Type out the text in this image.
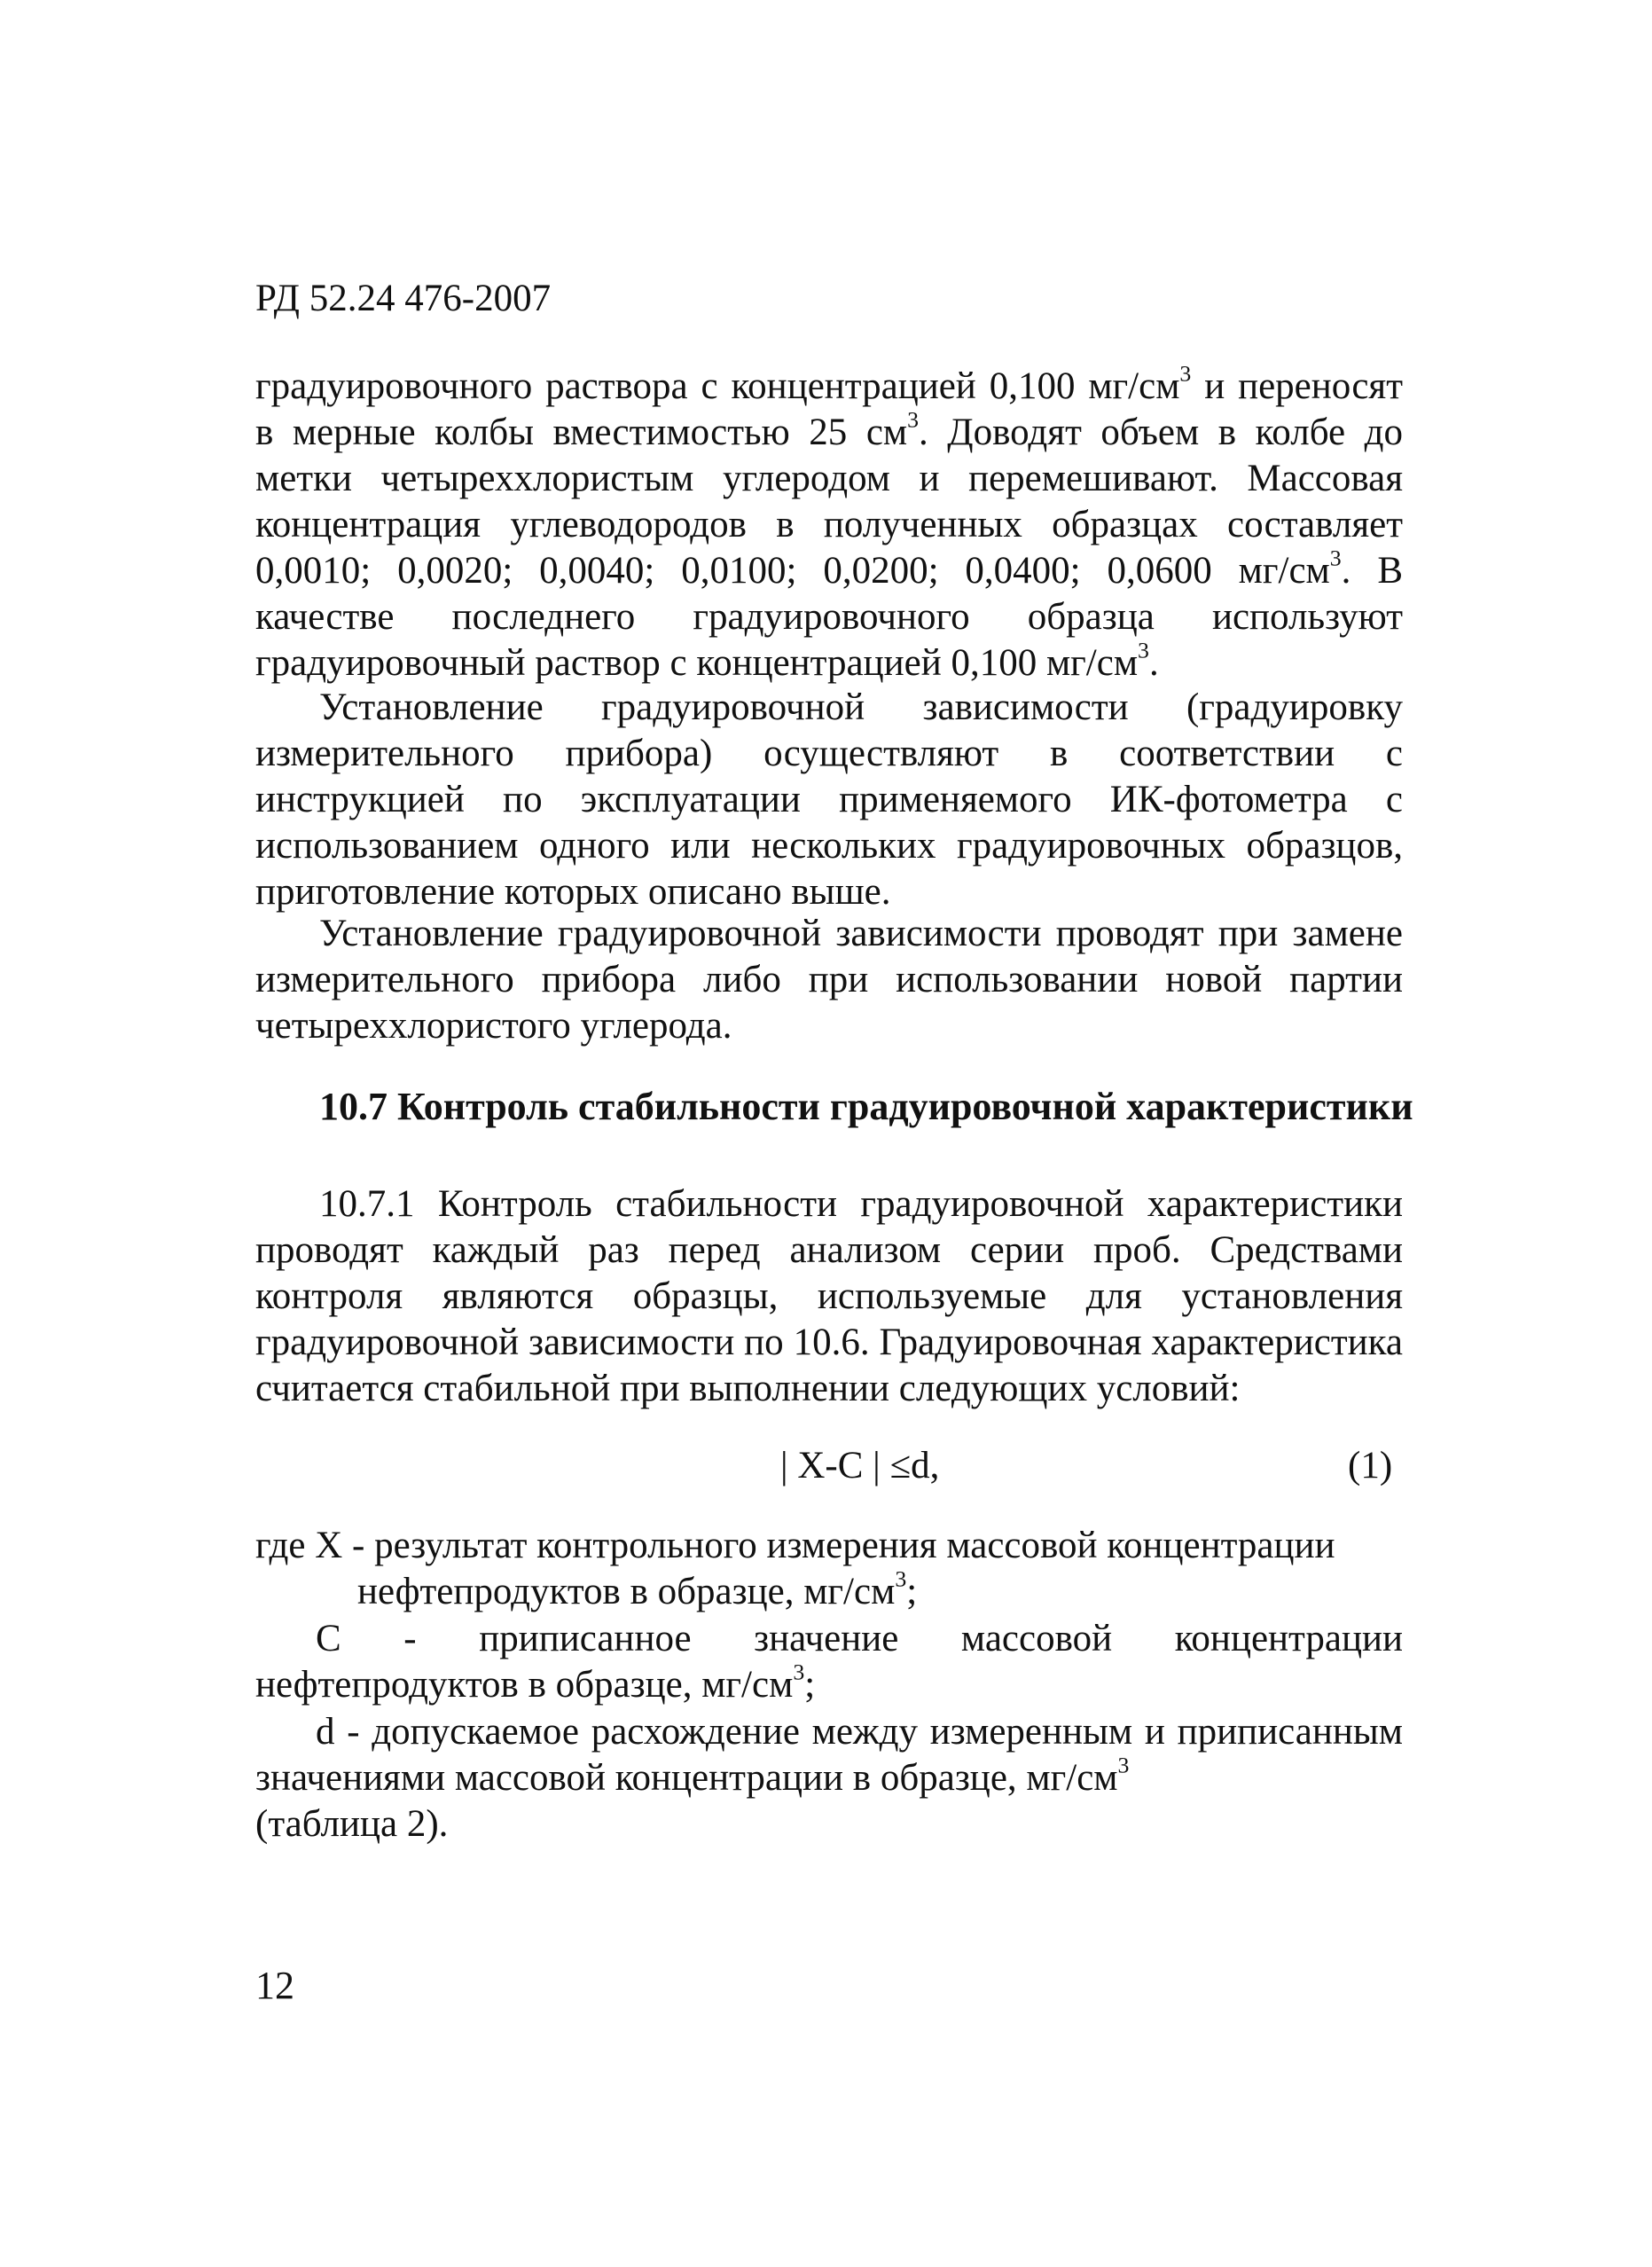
РД 52.24 476-2007
градуировочного раствора с концентрацией 0,100 $мг/см^3$ и переносят в мерные колбы вместимостью 25 $см^3$. Доводят объем в колбе до метки четыреххлористым углеродом и перемешивают. Массовая концентрация углеводородов в полученных образцах составляет 0,0010; 0,0020; 0,0040; 0,0100; 0,0200; 0,0400; 0,0600 $мг/см^3$. В качестве последнего градуировочного образца используют градуировочный раствор с концентрацией 0,100 $мг/см^3$.

Установление градуировочной зависимости (градуировку измерительного прибора) осуществляют в соответствии с инструкцией по эксплуатации применяемого ИК-фотометра с использованием одного или нескольких градуировочных образцов, приготовление которых описано выше.

Установление градуировочной зависимости проводят при замене измерительного прибора либо при использовании новой партии четыреххлористого углерода.

10.7 Контроль стабильности градуировочной характеристики

10.7.1 Контроль стабильности градуировочной характеристики проводят каждый раз перед анализом серии проб. Средствами контроля являются образцы, используемые для установления градуировочной зависимости по 10.6. Градуировочная характеристика считается стабильной при выполнении следующих условий:

| X-C | ≤d,	(1)
где X - результат контрольного измерения массовой концентрации
нефтепродуктов в образце, $мг/см^3$;

С - приписанное значение массовой концентрации нефтепродуктов в образце, $мг/см^3$;

d - допускаемое расхождение между измеренным и приписанным значениями массовой концентрации в образце, $мг/см^3$

(таблица 2).
12
